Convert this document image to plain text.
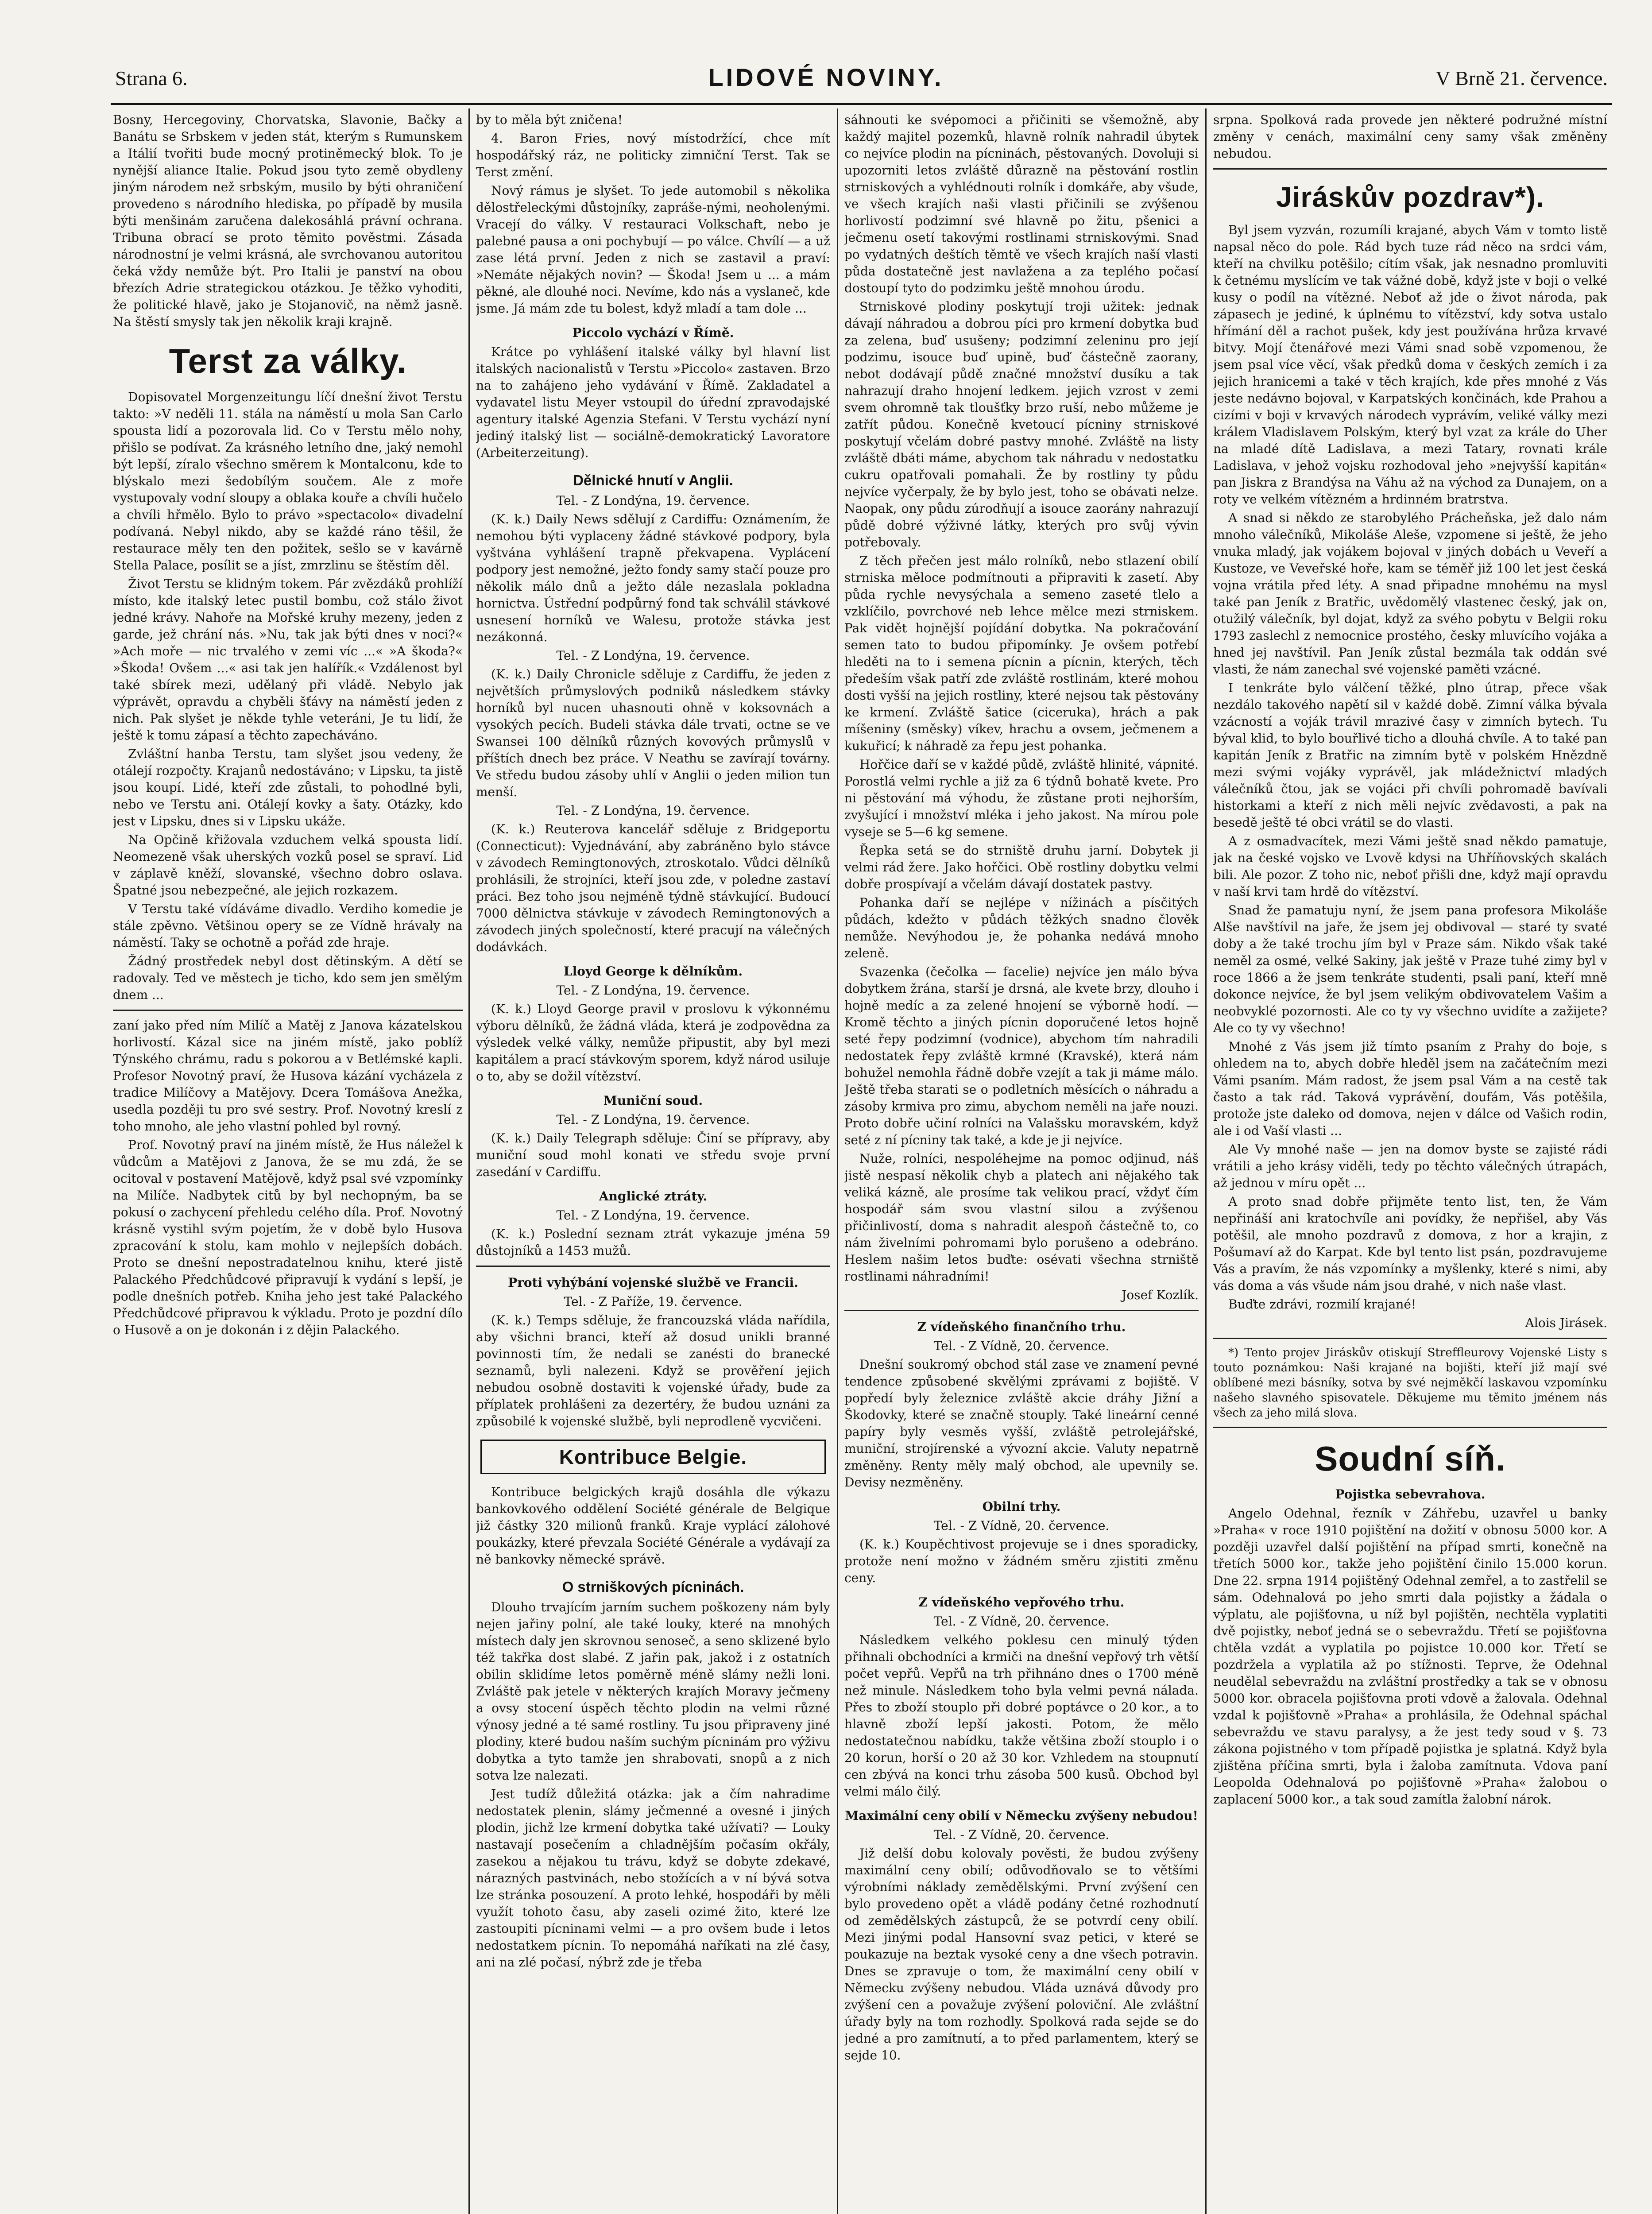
Strana 6.	LIDOVÉ NOVINY.	V Brně 21. července.

Bosny, Hercegoviny, Chorvatska, Slavonie, Bačky a Banátu se Srbskem v jeden stát, kterým s Rumunskem a Itálií tvořiti bude mocný protiněmecký blok. To je nynější aliance Italie. Pokud jsou tyto země obydleny jiným národem než srbským, musilo by býti ohraničení provedeno s národního hlediska, po případě by musila býti menšinám zaručena dalekosáhlá právní ochrana. Tribuna obrací se proto těmito pověstmi. Zásada národnostní je velmi krásná, ale svrchovanou autoritou čeká vždy nemůže být. Pro Italii je panství na obou březích Adrie strategickou otázkou. Je těžko vyhoditi, že politické hlavě, jako je Stojanovič, na němž jasně. Na štěstí smysly tak jen několik kraji krajně.

Terst za války.

Dopisovatel Morgenzeitungu líčí dnešní život Terstu takto: »V neděli 11. stála na náměstí u mola San Carlo spousta lidí a pozorovala lid. Co v Terstu mělo nohy, přišlo se podívat. Za krásného letního dne, jaký nemohl být lepší, zíralo všechno směrem k Montalconu, kde to blýskalo mezi šedobílým součem. Ale z moře vystupovaly vodní sloupy a oblaka kouře a chvíli hučelo a chvíli hřmělo. Bylo to právo »spectacolo« divadelní podívaná. Nebyl nikdo, aby se každé ráno těšil, že restaurace měly ten den požitek, sešlo se v kavárně Stella Palace, posílit se a jíst, zmrzlinu se štěstím děl.

Život Terstu se klidným tokem. Pár zvězdáků prohlíží místo, kde italský letec pustil bombu, což stálo život jedné krávy. Nahoře na Mořské kruhy mezeny, jeden z garde, jež chrání nás. »Nu, tak jak býti dnes v noci?« »Ach moře — nic trvalého v zemi víc ...« »A škoda?« »Škoda! Ovšem ...« asi tak jen halířík.« Vzdálenost byl také sbírek mezi, udělaný při vládě. Nebylo jak výprávět, opravdu a chyběli šťávy na náměstí jeden z nich. Pak slyšet je někde tyhle veteráni, Je tu lidí, že ještě k tomu zápasí a těchto zapecháváno.

Zvláštní hanba Terstu, tam slyšet jsou vedeny, že otálejí rozpočty. Krajanů nedostáváno; v Lipsku, ta jistě jsou koupí. Lidé, kteří zde zůstali, to pohodlné byli, nebo ve Terstu ani. Otálejí kovky a šaty. Otázky, kdo jest v Lipsku, dnes si v Lipsku ukáže.

Na Opčině křižovala vzduchem velká spousta lidí. Neomezeně však uherských vozků posel se spraví. Lid v záplavě kněží, slovanské, všechno dobro oslava. Špatné jsou nebezpečné, ale jejich rozkazem.

V Terstu také vídáváme divadlo. Verdiho komedie je stále zpěvno. Většinou opery se ze Vídně hrávaly na náměstí. Taky se ochotně a pořád zde hraje.

Žádný prostředek nebyl dost dětinským. A dětí se radovaly. Ted ve městech je ticho, kdo sem jen smělým dnem ...

zaní jako před ním Milíč a Matěj z Janova kázatelskou horlivostí. Kázal sice na jiném místě, jako poblíž Týnského chrámu, radu s pokorou a v Betlémské kapli. Profesor Novotný praví, že Husova kázání vycházela z tradice Milíčovy a Matějovy. Dcera Tomášova Anežka, usedla později tu pro své sestry. Prof. Novotný kreslí z toho mnoho, ale jeho vlastní pohled byl rovný.

Prof. Novotný praví na jiném místě, že Hus náležel k vůdcům a Matějovi z Janova, že se mu zdá, že se ocitoval v postavení Matějově, když psal své vzpomínky na Milíče. Nadbytek citů by byl nechopným, ba se pokusí o zachycení přehledu celého díla. Prof. Novotný krásně vystihl svým pojetím, že v době bylo Husova zpracování k stolu, kam mohlo v nejlepších dobách. Proto se dnešní nepostradatelnou knihu, které jistě Palackého Předchůdcové připravují k vydání s lepší, je podle dnešních potřeb. Kniha jeho jest také Palackého Předchůdcové připravou k výkladu. Proto je pozdní dílo o Husově a on je dokonán i z dějin Palackého.

by to měla být zničena!

4. Baron Fries, nový místodržící, chce mít hospodářský ráz, ne politicky zimniční Terst. Tak se Terst změní.

Nový rámus je slyšet. To jede automobil s několika dělostřeleckými důstojníky, zapráše-nými, neoholenými. Vracejí do války. V restauraci Volkschaft, nebo je palebné pausa a oni pochybují — po válce. Chvílí — a už zase létá první. Jeden z nich se zastavil a praví: »Nemáte nějakých novin? — Škoda! Jsem u ... a mám pěkné, ale dlouhé noci. Nevíme, kdo nás a vyslaneč, kde jsme. Já mám zde tu bolest, když mladí a tam dole ...

Piccolo vychází v Římě.

Krátce po vyhlášení italské války byl hlavní list italských nacionalistů v Terstu »Piccolo« zastaven. Brzo na to zahájeno jeho vydávání v Římě. Zakladatel a vydavatel listu Meyer vstoupil do úřední zpravodajské agentury italské Agenzia Stefani. V Terstu vychází nyní jediný italský list — sociálně-demokratický Lavoratore (Arbeiterzeitung).

Dělnické hnutí v Anglii.
Tel. - Z Londýna, 19. července.

(K. k.) Daily News sdělují z Cardiffu: Oznámením, že nemohou býti vyplaceny žádné stávkové podpory, byla vyštvána vyhlášení trapně překvapena. Vyplácení podpory jest nemožné, ježto fondy samy stačí pouze pro několik málo dnů a ježto dále nezaslala pokladna hornictva. Ústřední podpůrný fond tak schválil stávkové usnesení horníků ve Walesu, protože stávka jest nezákonná.

Tel. - Z Londýna, 19. července.

(K. k.) Daily Chronicle sděluje z Cardiffu, že jeden z největších průmyslových podniků následkem stávky horníků byl nucen uhasnouti ohně v koksovnách a vysokých pecích. Budeli stávka dále trvati, octne se ve Swansei 100 dělníků různých kovových průmyslů v příštích dnech bez práce. V Neathu se zavírají továrny. Ve středu budou zásoby uhlí v Anglii o jeden milion tun menší.

Tel. - Z Londýna, 19. července.

(K. k.) Reuterova kancelář sděluje z Bridgeportu (Connecticut): Vyjednávání, aby zabráněno bylo stávce v závodech Remingtonových, ztroskotalo. Vůdci dělníků prohlásili, že strojníci, kteří jsou zde, v poledne zastaví práci. Bez toho jsou nejméně týdně stávkující. Budoucí 7000 dělnictva stávkuje v závodech Remingtonových a závodech jiných společností, které pracují na válečných dodávkách.

Lloyd George k dělníkům.
Tel. - Z Londýna, 19. července.

(K. k.) Lloyd George pravil v proslovu k výkonnému výboru dělníků, že žádná vláda, která je zodpovědna za výsledek velké války, nemůže připustit, aby byl mezi kapitálem a prací stávkovým sporem, když národ usiluje o to, aby se dožil vítězství.

Muniční soud.
Tel. - Z Londýna, 19. července.

(K. k.) Daily Telegraph sděluje: Činí se přípravy, aby muniční soud mohl konati ve středu svoje první zasedání v Cardiffu.

Anglické ztráty.
Tel. - Z Londýna, 19. července.

(K. k.) Poslední seznam ztrát vykazuje jména 59 důstojníků a 1453 mužů.

Proti vyhýbání vojenské službě ve Francii.
Tel. - Z Paříže, 19. července.

(K. k.) Temps sděluje, že francouzská vláda nařídila, aby všichni branci, kteří až dosud unikli branné povinnosti tím, že nedali se zanésti do branecké seznamů, byli nalezeni. Když se prověření jejich nebudou osobně dostaviti k vojenské úřady, bude za příplatek prohlášeni za dezertéry, že budou uznáni za způsobilé k vojenské službě, byli neprodleně vycvičeni.

Kontribuce Belgie.

Kontribuce belgických krajů dosáhla dle výkazu bankovkového oddělení Société générale de Belgique již částky 320 milionů franků. Kraje vyplácí zálohové poukázky, které převzala Société Générale a vydávají za ně bankovky německé správě.

O strniškových pícninách.

Dlouho trvajícím jarním suchem poškozeny nám byly nejen jařiny polní, ale také louky, které na mnohých místech daly jen skrovnou senoseč, a seno sklizené bylo též takřka dost slabé. Z jařin pak, jakož i z ostatních obilin sklidíme letos poměrně méně slámy nežli loni. Zvláště pak jetele v některých krajích Moravy ječmeny a ovsy stocení úspěch těchto plodin na velmi různé výnosy jedné a té samé rostliny. Tu jsou připraveny jiné plodiny, které budou naším suchým pícninám pro výživu dobytka a tyto tamže jen shrabovati, snopů a z nich sotva lze nalezati.

Jest tudíž důležitá otázka: jak a čím nahradime nedostatek plenin, slámy ječmenné a ovesné i jiných plodin, jichž lze krmení dobytka také užívati? — Louky nastavají posečením a chladnějším počasím okřály, zasekou a nějakou tu trávu, když se dobyte zdekavé, nárazných pastvinách, nebo stožících a v ní bývá sotva lze stránka posouzení. A proto lehké, hospodáři by měli využít tohoto času, aby zaseli ozimé žito, které lze zastoupiti pícninami velmi — a pro ovšem bude i letos nedostatkem pícnin. To nepomáhá naříkati na zlé časy, ani na zlé počasí, nýbrž zde je třeba

sáhnouti ke svépomoci a přičiniti se všemožně, aby každý majitel pozemků, hlavně rolník nahradil úbytek co nejvíce plodin na pícninách, pěstovaných. Dovoluji si upozorniti letos zvláště důrazně na pěstování rostlin strniskových a vyhlédnouti rolník i domkáře, aby všude, ve všech krajích naši vlasti přičinili se zvýšenou horlivostí podzimní své hlavně po žitu, pšenici a ječmenu osetí takovými rostlinami strniskovými. Snad po vydatných deštích těmtě ve všech krajích naší vlasti půda dostatečně jest navlažena a za teplého počasí dostoupí tyto do podzimku ještě mnohou úrodu.

Strniskové plodiny poskytují troji užitek: jednak dávají náhradou a dobrou píci pro krmení dobytka buď za zelena, buď usušeny; podzimní zeleninu pro její podzimu, isouce buď upině, buď částečně zaorany, nebot dodávají půdě značné množství dusíku a tak nahrazují draho hnojení ledkem. jejich vzrost v zemi svem ohromně tak tloušťky brzo ruší, nebo můžeme je zatřít půdou. Konečně kvetoucí pícniny strniskové poskytují včelám dobré pastvy mnohé. Zvláště na listy zvláště dbáti máme, abychom tak náhradu v nedostatku cukru opatřovali pomahali. Že by rostliny ty půdu nejvíce vyčerpaly, že by bylo jest, toho se obávati nelze. Naopak, ony půdu zúrodňují a isouce zaorány nahrazují půdě dobré výživné látky, kterých pro svůj vývin potřebovaly.

Z těch přečen jest málo rolníků, nebo stlazení obilí strniska měloce podmítnouti a připraviti k zasetí. Aby půda rychle nevysýchala a semeno zaseté tlelo a vzklíčilo, povrchové neb lehce mělce mezi strniskem. Pak vidět hojnější pojídání dobytka. Na pokračování semen tato to budou připomínky. Je ovšem potřebí hleděti na to i semena pícnin a pícnin, kterých, těch předeším však patří zde zvláště rostlinám, které mohou dosti vyšší na jejich rostliny, které nejsou tak pěstovány ke krmení. Zvláště šatice (ciceruka), hrách a pak míšeniny (směsky) víkev, hrachu a ovsem, ječmenem a kukuřicí; k náhradě za řepu jest pohanka.

Hořčice daří se v každé půdě, zvláště hlinité, vápnité. Porostlá velmi rychle a již za 6 týdnů bohatě kvete. Pro ni pěstování má výhodu, že zůstane proti nejhorším, zvyšující i množství mléka i jeho jakost. Na mírou pole vyseje se 5—6 kg semene.

Řepka setá se do strniště druhu jarní. Dobytek ji velmi rád žere. Jako hořčici. Obě rostliny dobytku velmi dobře prospívají a včelám dávají dostatek pastvy.

Pohanka daří se nejlépe v nížinách a písčitých půdách, kdežto v půdách těžkých snadno člověk nemůže. Nevýhodou je, že pohanka nedává mnoho zeleně.

Svazenka (čečolka — facelie) nejvíce jen málo býva dobytkem žrána, starší je drsná, ale kvete brzy, dlouho i hojně medíc a za zelené hnojení se výborně hodí. — Kromě těchto a jiných pícnin doporučené letos hojně seté řepy podzimní (vodnice), abychom tím nahradili nedostatek řepy zvláště krmné (Kravské), která nám bohužel nemohla řádně dobře vzejít a tak ji máme málo. Ještě třeba starati se o podletních měsících o náhradu a zásoby krmiva pro zimu, abychom neměli na jaře nouzi. Proto dobře učiní rolníci na Valašsku moravském, když seté z ní pícniny tak také, a kde je ji nejvíce.

Nuže, rolníci, nespoléhejme na pomoc odjinud, náš jistě nespasí několik chyb a platech ani nějakého tak veliká kázně, ale prosíme tak velikou prací, vždyť čím hospodář sám svou vlastní silou a zvýšenou přičinlivostí, doma s nahradit alespoň částečně to, co nám živelními pohromami bylo porušeno a odebráno. Heslem našim letos buďte: osévati všechna strniště rostlinami náhradními!

Josef Kozlík.
Z vídeňského finančního trhu.
Tel. - Z Vídně, 20. července.

Dnešní soukromý obchod stál zase ve znamení pevné tendence způsobené skvělými zprávami z bojiště. V popředí byly železnice zvláště akcie dráhy Jižní a Škodovky, které se značně stouply. Také lineární cenné papíry byly vesměs vyšší, zvláště petrolejářské, muniční, strojírenské a vývozní akcie. Valuty nepatrně změněny. Renty měly malý obchod, ale upevnily se. Devisy nezměněny.

Obilní trhy.
Tel. - Z Vídně, 20. července.

(K. k.) Koupěchtivost projevuje se i dnes sporadicky, protože není možno v žádném směru zjistiti změnu ceny.

Z vídeňského vepřového trhu.
Tel. - Z Vídně, 20. července.

Následkem velkého poklesu cen minulý týden přihnali obchodníci a krmiči na dnešní vepřový trh větší počet vepřů. Vepřů na trh přihnáno dnes o 1700 méně než minule. Následkem toho byla velmi pevná nálada. Přes to zboží stouplo při dobré poptávce o 20 kor., a to hlavně zboží lepší jakosti. Potom, že mělo nedostatečnou nabídku, takže většina zboží stouplo i o 20 korun, horší o 20 až 30 kor. Vzhledem na stoupnutí cen zbývá na konci trhu zásoba 500 kusů. Obchod byl velmi málo čilý.

Maximální ceny obilí v Německu zvýšeny nebudou!
Tel. - Z Vídně, 20. července.

Již delší dobu kolovaly pověsti, že budou zvýšeny maximální ceny obilí; odůvodňovalo se to většími výrobními náklady zemědělskými. První zvýšení cen bylo provedeno opět a vládě podány četné rozhodnutí od zemědělských zástupců, že se potvrdí ceny obilí. Mezi jinými podal Hansovní svaz petici, v které se poukazuje na beztak vysoké ceny a dne všech potravin. Dnes se zpravuje o tom, že maximální ceny obilí v Německu zvýšeny nebudou. Vláda uznává důvody pro zvýšení cen a považuje zvýšení poloviční. Ale zvláštní úřady byly na tom rozhodly. Spolková rada sejde se do jedné a pro zamítnutí, a to před parlamentem, který se sejde 10.

srpna. Spolková rada provede jen některé podružné místní změny v cenách, maximální ceny samy však změněny nebudou.

Jiráskův pozdrav*).

Byl jsem vyzván, rozumíli krajané, abych Vám v tomto listě napsal něco do pole. Rád bych tuze rád něco na srdci vám, kteří na chvilku potěšilo; cítím však, jak nesnadno promluviti k četnému myslícím ve tak vážné době, když jste v boji o velké kusy o podíl na vítězné. Neboť až jde o život národa, pak zápasech je jediné, k úplnému to vítězství, kdy sotva ustalo hřímání děl a rachot pušek, kdy jest používána hrůza krvavé bitvy. Mojí čtenářové mezi Vámi snad sobě vzpomenou, že jsem psal více věcí, však předků doma v českých zemích i za jejich hranicemi a také v těch krajích, kde přes mnohé z Vás jeste nedávno bojoval, v Karpatských končinách, kde Prahou a cizími v boji v krvavých národech vyprávím, veliké války mezi králem Vladislavem Polským, který byl vzat za krále do Uher na mladé dítě Ladislava, a mezi Tatary, rovnati krále Ladislava, v jehož vojsku rozhodoval jeho »nejvyšší kapitán« pan Jiskra z Brandýsa na Váhu až na východ za Dunajem, on a roty ve velkém vítězném a hrdinném bratrstva.

A snad si někdo ze starobylého Prácheňska, jež dalo nám mnoho válečníků, Mikoláše Aleše, vzpomene si ještě, že jeho vnuka mladý, jak vojákem bojoval v jiných dobách u Veveří a Kustoze, ve Veveřské hoře, kam se téměř již 100 let jest česká vojna vrátila před léty. A snad připadne mnohému na mysl také pan Jeník z Bratřic, uvědomělý vlastenec český, jak on, otužilý válečník, byl dojat, když za svého pobytu v Belgii roku 1793 zaslechl z nemocnice prostého, česky mluvícího vojáka a hned jej navštívil. Pan Jeník zůstal bezmála tak oddán své vlasti, že nám zanechal své vojenské paměti vzácné.

I tenkráte bylo válčení těžké, plno útrap, přece však nezdálo takového napětí sil v každé době. Zimní válka bývala vzácností a voják trávil mrazivé časy v zimních bytech. Tu býval klid, to bylo bouřlivé ticho a dlouhá chvíle. A to také pan kapitán Jeník z Bratřic na zimním bytě v polském Hnězdně mezi svými vojáky vyprávěl, jak mládežnictví mladých válečníků čtou, jak se vojáci při chvíli pohromadě bavívali historkami a kteří z nich měli nejvíc zvědavosti, a pak na besedě ještě té obci vrátil se do vlasti.

A z osmadvacítek, mezi Vámi ještě snad někdo pamatuje, jak na české vojsko ve Lvově kdysi na Uhříňovských skalách bili. Ale pozor. Z toho nic, neboť přišli dne, když mají opravdu v naší krvi tam hrdě do vítězství.

Snad že pamatuju nyní, že jsem pana profesora Mikoláše Alše navštívil na jaře, že jsem jej obdivoval — staré ty svaté doby a že také trochu jím byl v Praze sám. Nikdo však také neměl za osmé, velké Sakiny, jak ještě v Praze tuhé zimy byl v roce 1866 a že jsem tenkráte studenti, psali paní, kteří mně dokonce nejvíce, že byl jsem velikým obdivovatelem Vašim a neobvyklé pozornosti. Ale co ty vy všechno uvidíte a zažijete? Ale co ty vy všechno!

Mnohé z Vás jsem již tímto psaním z Prahy do boje, s ohledem na to, abych dobře hleděl jsem na začátečním mezi Vámi psaním. Mám radost, že jsem psal Vám a na cestě tak často a tak rád. Taková vyprávění, doufám, Vás potěšila, protože jste daleko od domova, nejen v dálce od Vašich rodin, ale i od Vaší vlasti ...

Ale Vy mnohé naše — jen na domov byste se zajisté rádi vrátili a jeho krásy viděli, tedy po těchto válečných útrapách, až jednou v míru opět ...

A proto snad dobře přijměte tento list, ten, že Vám nepřináší ani kratochvíle ani povídky, že nepřišel, aby Vás potěšil, ale mnoho pozdravů z domova, z hor a krajin, z Pošumaví až do Karpat. Kde byl tento list psán, pozdravujeme Vás a pravím, že nás vzpomínky a myšlenky, které s nimi, aby vás doma a vás všude nám jsou drahé, v nich naše vlast.

Buďte zdrávi, rozmilí krajané!

Alois Jirásek.

*) Tento projev Jiráskův otiskují Streffleurovy Vojenské Listy s touto poznámkou: Naši krajané na bojišti, kteří již mají své oblíbené mezi básníky, sotva by své nejměkčí laskavou vzpomínku našeho slavného spisovatele. Děkujeme mu těmito jménem nás všech za jeho milá slova.

Soudní síň.
Pojistka sebevrahova.

Angelo Odehnal, řezník v Záhřebu, uzavřel u banky »Praha« v roce 1910 pojištění na dožití v obnosu 5000 kor. A později uzavřel další pojištění na případ smrti, konečně na třetích 5000 kor., takže jeho pojištění činilo 15.000 korun. Dne 22. srpna 1914 pojištěný Odehnal zemřel, a to zastřelil se sám. Odehnalová po jeho smrti dala pojistky a žádala o výplatu, ale pojišťovna, u níž byl pojištěn, nechtěla vyplatiti dvě pojistky, neboť jedná se o sebevraždu. Třetí se pojišťovna chtěla vzdát a vyplatila po pojistce 10.000 kor. Třetí se pozdržela a vyplatila až po stížnosti. Teprve, že Odehnal neudělal sebevraždu na zvláštní prostředky a tak se v obnosu 5000 kor. obracela pojišťovna proti vdově a žalovala. Odehnal vzdal k pojišťovně »Praha« a prohlásila, že Odehnal spáchal sebevraždu ve stavu paralysy, a že jest tedy soud v §. 73 zákona pojistného v tom případě pojistka je splatná. Když byla zjištěna příčina smrti, byla i žaloba zamítnuta. Vdova paní Leopolda Odehnalová po pojišťovně »Praha« žalobou o zaplacení 5000 kor., a tak soud zamítla žalobní nárok.
